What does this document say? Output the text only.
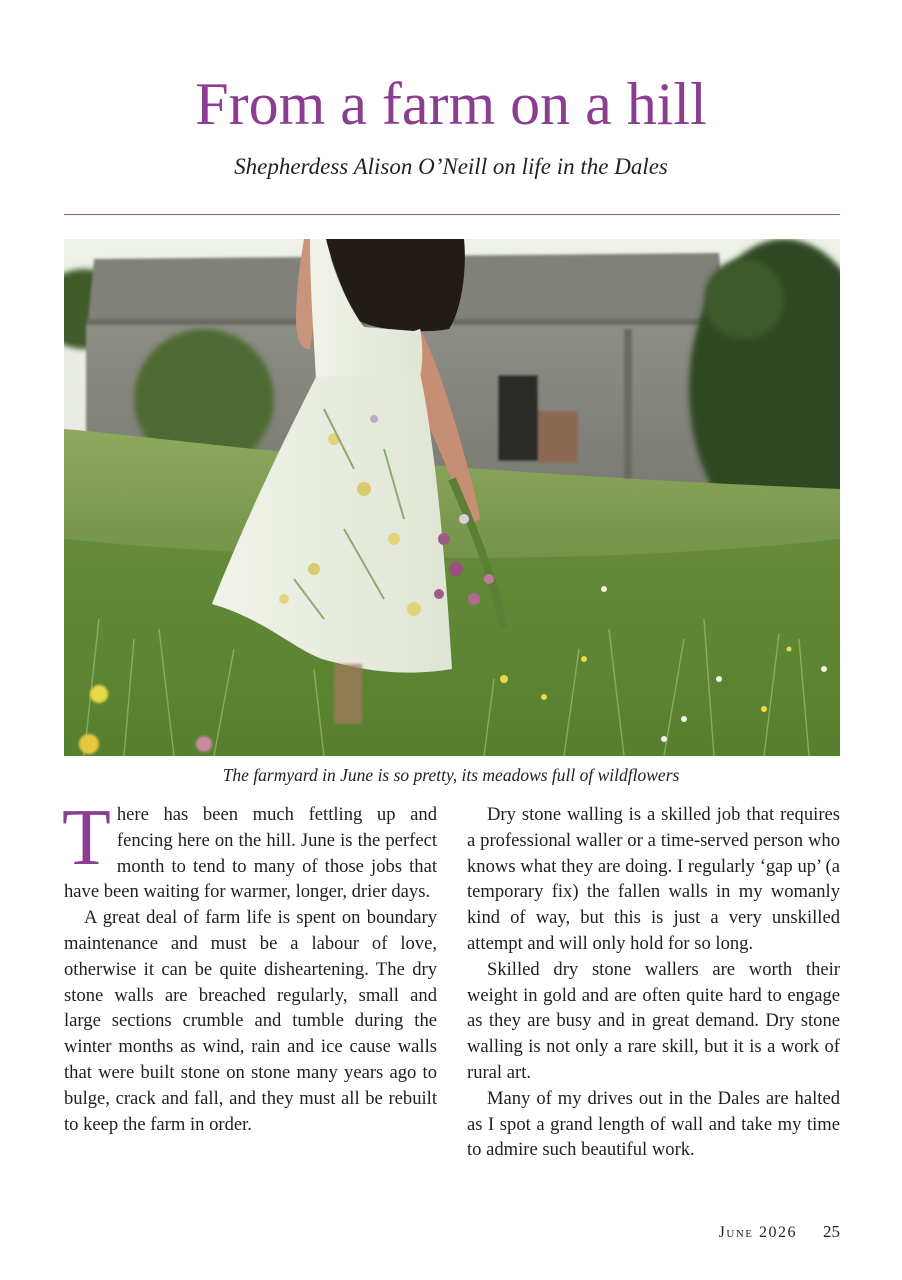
From a farm on a hill
Shepherdess Alison O’Neill on life in the Dales
The farmyard in June is so pretty, its meadows full of wildflowers

There has been much fettling up and fencing here on the hill. June is the perfect month to tend to many of those jobs that have been waiting for warmer, longer, drier days.

A great deal of farm life is spent on boundary maintenance and must be a labour of love, otherwise it can be quite disheartening. The dry stone walls are breached regularly, small and large sections crumble and tumble during the winter months as wind, rain and ice cause walls that were built stone on stone many years ago to bulge, crack and fall, and they must all be rebuilt to keep the farm in order.

Dry stone walling is a skilled job that requires a professional waller or a time-served person who knows what they are doing. I regularly ‘gap up’ (a temporary fix) the fallen walls in my womanly kind of way, but this is just a very unskilled attempt and will only hold for so long.

Skilled dry stone wallers are worth their weight in gold and are often quite hard to engage as they are busy and in great demand. Dry stone walling is not only a rare skill, but it is a work of rural art.

Many of my drives out in the Dales are halted as I spot a grand length of wall and take my time to admire such beautiful work.

June 2026 25
